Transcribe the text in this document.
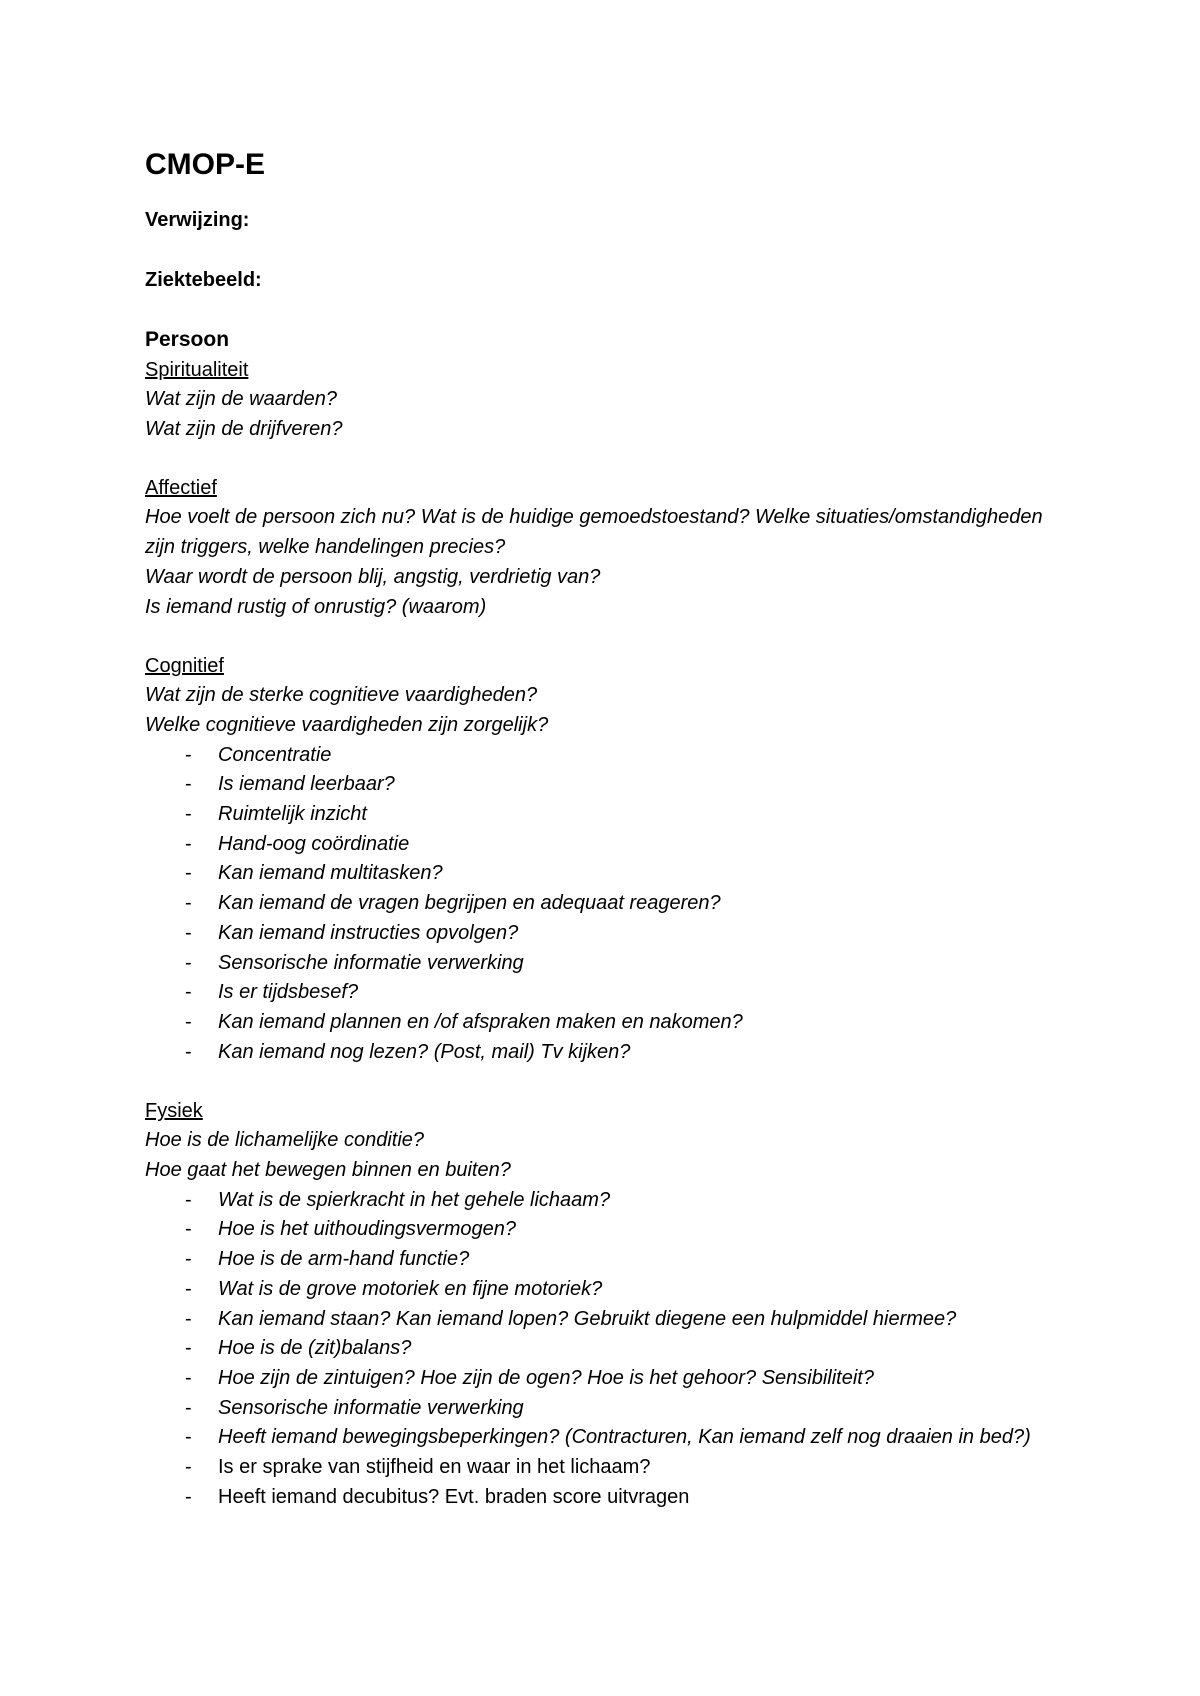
CMOP-E

Verwijzing:

Ziektebeeld:

Persoon

Spiritualiteit

Wat zijn de waarden?

Wat zijn de drijfveren?

Affectief

Hoe voelt de persoon zich nu? Wat is de huidige gemoedstoestand? Welke situaties/omstandigheden zijn triggers, welke handelingen precies?

Waar wordt de persoon blij, angstig, verdrietig van?

Is iemand rustig of onrustig? (waarom)

Cognitief

Wat zijn de sterke cognitieve vaardigheden?

Welke cognitieve vaardigheden zijn zorgelijk?

- Concentratie
- Is iemand leerbaar?
- Ruimtelijk inzicht
- Hand-oog coördinatie
- Kan iemand multitasken?
- Kan iemand de vragen begrijpen en adequaat reageren?
- Kan iemand instructies opvolgen?
- Sensorische informatie verwerking
- Is er tijdsbesef?
- Kan iemand plannen en /of afspraken maken en nakomen?
- Kan iemand nog lezen? (Post, mail) Tv kijken?

Fysiek

Hoe is de lichamelijke conditie?

Hoe gaat het bewegen binnen en buiten?

- Wat is de spierkracht in het gehele lichaam?
- Hoe is het uithoudingsvermogen?
- Hoe is de arm-hand functie?
- Wat is de grove motoriek en fijne motoriek?
- Kan iemand staan? Kan iemand lopen? Gebruikt diegene een hulpmiddel hiermee?
- Hoe is de (zit)balans?
- Hoe zijn de zintuigen? Hoe zijn de ogen? Hoe is het gehoor? Sensibiliteit?
- Sensorische informatie verwerking
- Heeft iemand bewegingsbeperkingen? (Contracturen, Kan iemand zelf nog draaien in bed?)
- Is er sprake van stijfheid en waar in het lichaam?
- Heeft iemand decubitus? Evt. braden score uitvragen
